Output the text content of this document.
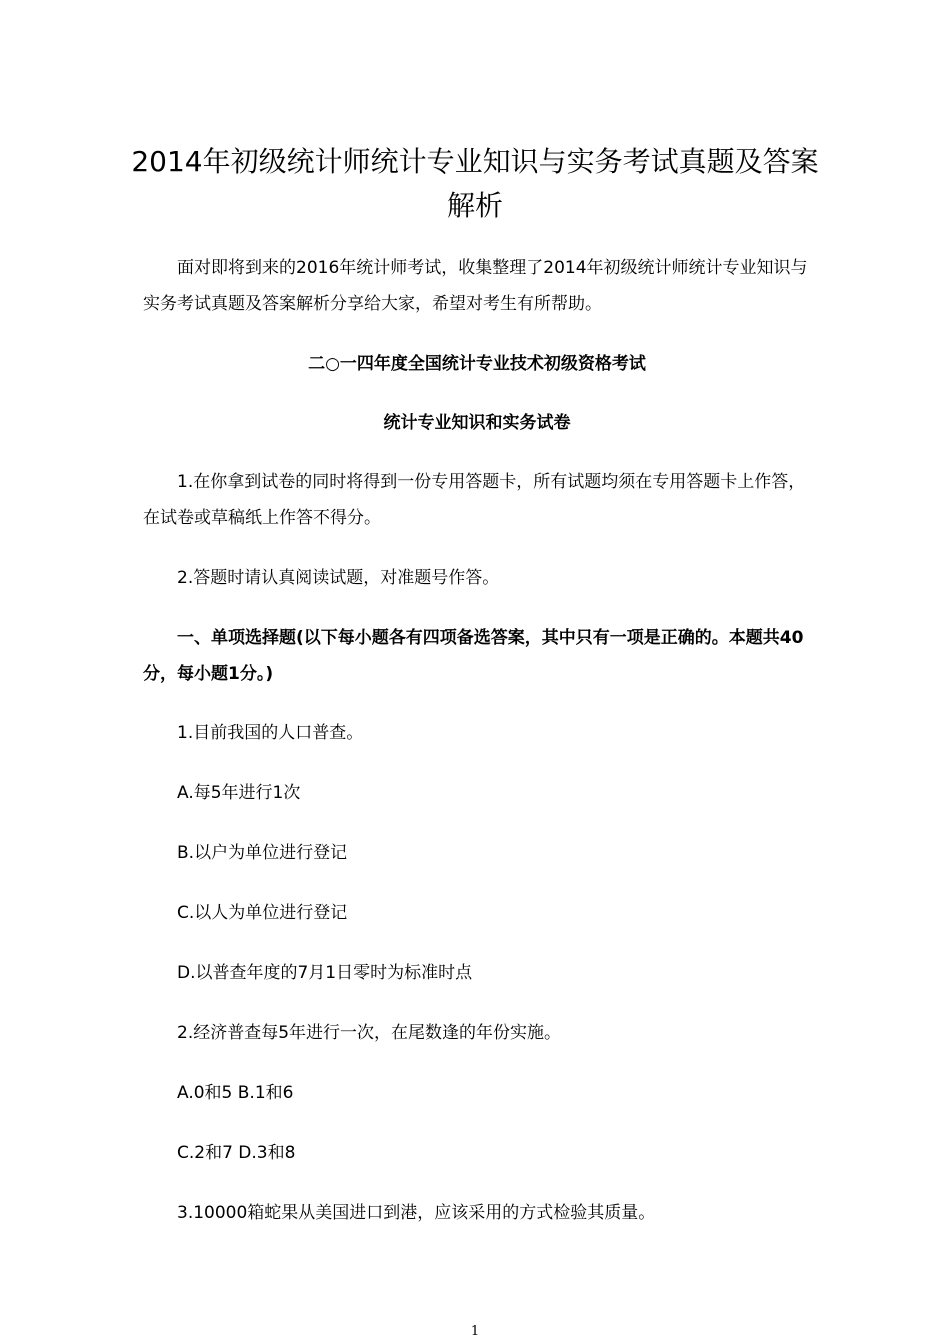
2014年初级统计师统计专业知识与实务考试真题及答案解析

面对即将到来的2016年统计师考试，收集整理了2014年初级统计师统计专业知识与实务考试真题及答案解析分享给大家，希望对考生有所帮助。

二○一四年度全国统计专业技术初级资格考试

统计专业知识和实务试卷

1.在你拿到试卷的同时将得到一份专用答题卡，所有试题均须在专用答题卡上作答，在试卷或草稿纸上作答不得分。

2.答题时请认真阅读试题，对准题号作答。

一、单项选择题(以下每小题各有四项备选答案，其中只有一项是正确的。本题共40分，每小题1分。)

1.目前我国的人口普查。

A.每5年进行1次

B.以户为单位进行登记

C.以人为单位进行登记

D.以普查年度的7月1日零时为标准时点

2.经济普查每5年进行一次，在尾数逢的年份实施。

A.0和5 B.1和6

C.2和7 D.3和8

3.10000箱蛇果从美国进口到港，应该采用的方式检验其质量。

1
